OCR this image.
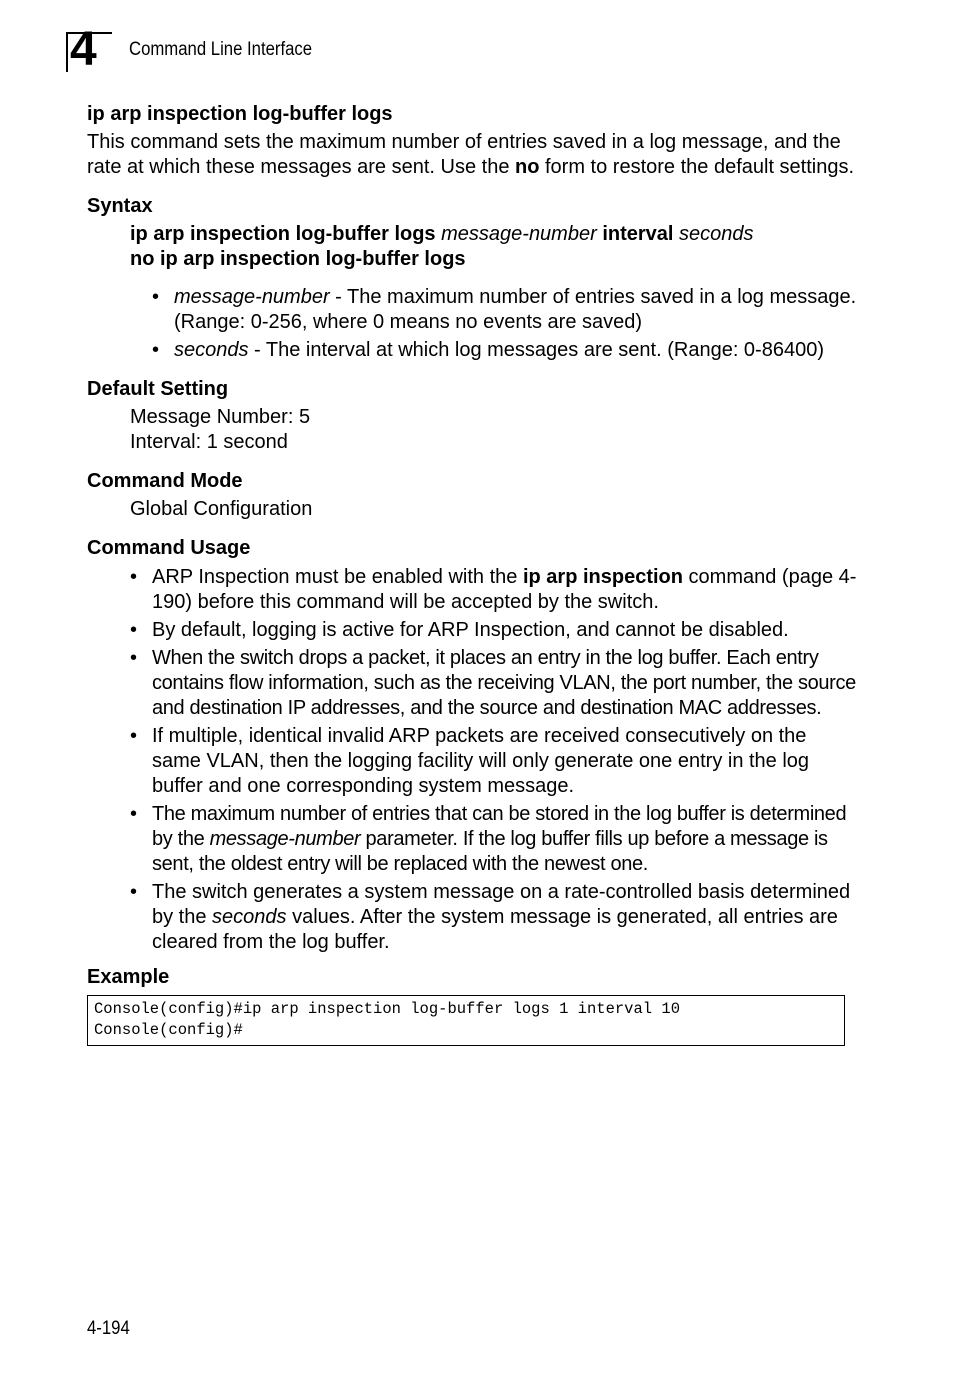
4 Command Line Interface
ip arp inspection log-buffer logs

This command sets the maximum number of entries saved in a log message, and the rate at which these messages are sent. Use the no form to restore the default settings.

Syntax
ip arp inspection log-buffer logs message-number interval seconds
no ip arp inspection log-buffer logs
• message-number - The maximum number of entries saved in a log message. (Range: 0-256, where 0 means no events are saved)
• seconds - The interval at which log messages are sent. (Range: 0-86400)
Default Setting

Message Number: 5

Interval: 1 second

Command Mode

Global Configuration

Command Usage
• ARP Inspection must be enabled with the ip arp inspection command (page 4-190) before this command will be accepted by the switch.
• By default, logging is active for ARP Inspection, and cannot be disabled.
• When the switch drops a packet, it places an entry in the log buffer. Each entry contains flow information, such as the receiving VLAN, the port number, the source and destination IP addresses, and the source and destination MAC addresses.
• If multiple, identical invalid ARP packets are received consecutively on the same VLAN, then the logging facility will only generate one entry in the log buffer and one corresponding system message.
• The maximum number of entries that can be stored in the log buffer is determined by the message-number parameter. If the log buffer fills up before a message is sent, the oldest entry will be replaced with the newest one.
• The switch generates a system message on a rate-controlled basis determined by the seconds values. After the system message is generated, all entries are cleared from the log buffer.
Example
Console(config)#ip arp inspection log-buffer logs 1 interval 10
Console(config)#
4-194
